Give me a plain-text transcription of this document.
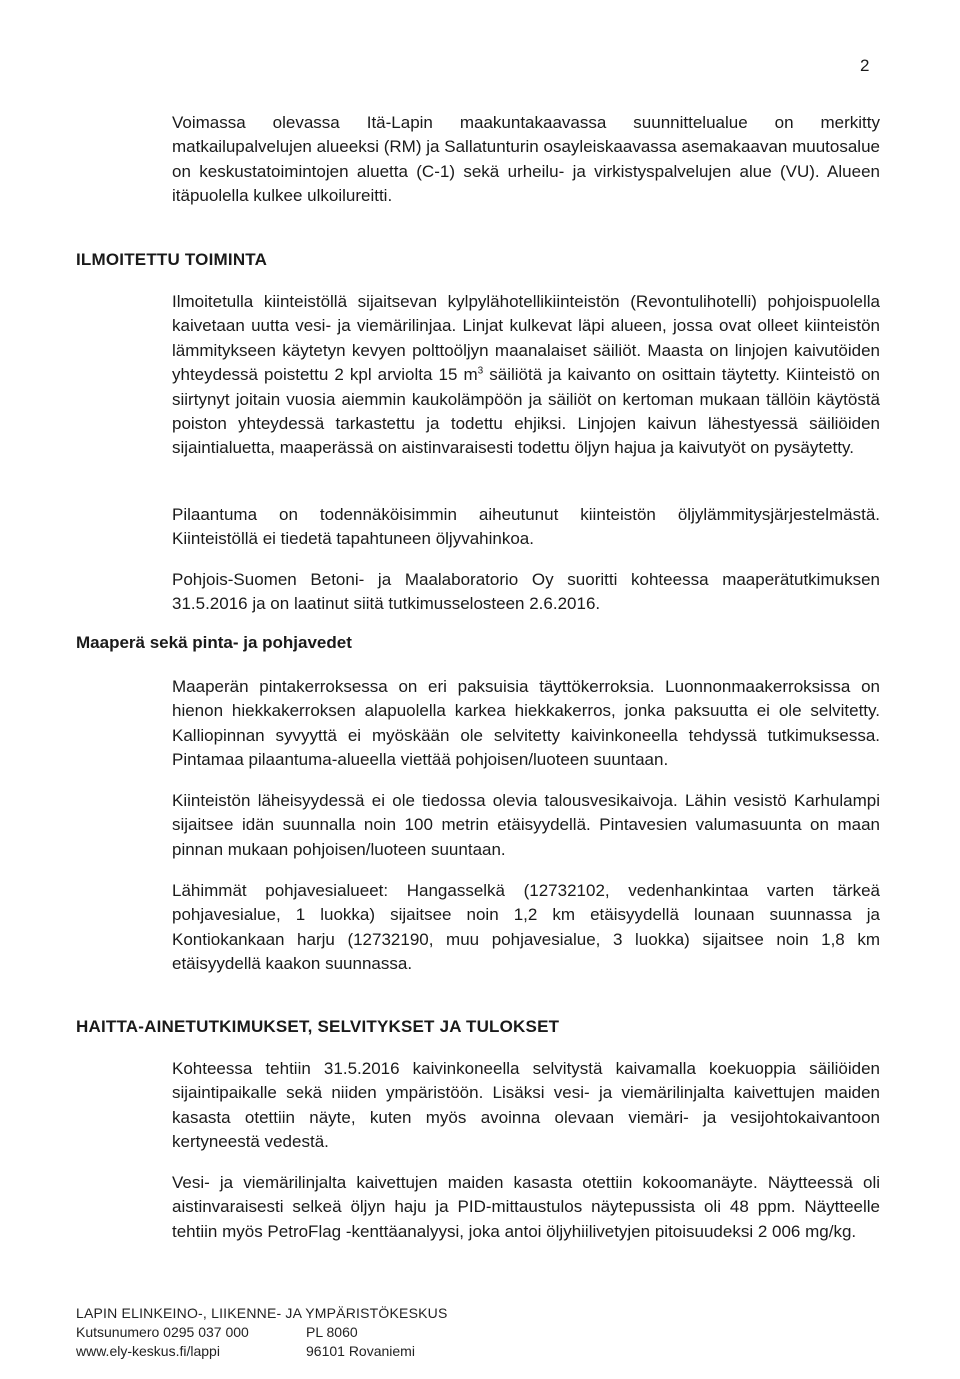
2

Voimassa olevassa Itä-Lapin maakuntakaavassa suunnittelualue on merkitty matkailupalvelujen alueeksi (RM) ja Sallatunturin osayleiskaavassa asemakaavan muutosalue on keskustatoimintojen aluetta (C-1) sekä urheilu- ja virkistyspalvelujen alue (VU). Alueen itäpuolella kulkee ulkoilureitti.

ILMOITETTU TOIMINTA

Ilmoitetulla kiinteistöllä sijaitsevan kylpylähotellikiinteistön (Revontulihotelli) pohjoispuolella kaivetaan uutta vesi- ja viemärilinjaa. Linjat kulkevat läpi alueen, jossa ovat olleet kiinteistön lämmitykseen käytetyn kevyen polttoöljyn maanalaiset säiliöt. Maasta on linjojen kaivutöiden yhteydessä poistettu 2 kpl arviolta 15 $m^3$ säiliötä ja kaivanto on osittain täytetty. Kiinteistö on siirtynyt joitain vuosia aiemmin kaukolämpöön ja säiliöt on kertoman mukaan tällöin käytöstä poiston yhteydessä tarkastettu ja todettu ehjiksi. Linjojen kaivun lähestyessä säiliöiden sijaintialuetta, maaperässä on aistinvaraisesti todettu öljyn hajua ja kaivutyöt on pysäytetty.

Pilaantuma on todennäköisimmin aiheutunut kiinteistön öljylämmitysjärjestelmästä. Kiinteistöllä ei tiedetä tapahtuneen öljyvahinkoa.

Pohjois-Suomen Betoni- ja Maalaboratorio Oy suoritti kohteessa maaperätutkimuksen 31.5.2016 ja on laatinut siitä tutkimusselosteen 2.6.2016.

Maaperä sekä pinta- ja pohjavedet

Maaperän pintakerroksessa on eri paksuisia täyttökerroksia. Luonnonmaakerroksissa on hienon hiekkakerroksen alapuolella karkea hiekkakerros, jonka paksuutta ei ole selvitetty. Kalliopinnan syvyyttä ei myöskään ole selvitetty kaivinkoneella tehdyssä tutkimuksessa. Pintamaa pilaantuma-alueella viettää pohjoisen/luoteen suuntaan.

Kiinteistön läheisyydessä ei ole tiedossa olevia talousvesikaivoja. Lähin vesistö Karhulampi sijaitsee idän suunnalla noin 100 metrin etäisyydellä. Pintavesien valumasuunta on maan pinnan mukaan pohjoisen/luoteen suuntaan.

Lähimmät pohjavesialueet: Hangasselkä (12732102, vedenhankintaa varten tärkeä pohjavesialue, 1 luokka) sijaitsee noin 1,2 km etäisyydellä lounaan suunnassa ja Kontiokankaan harju (12732190, muu pohjavesialue, 3 luokka) sijaitsee noin 1,8 km etäisyydellä kaakon suunnassa.

HAITTA-AINETUTKIMUKSET, SELVITYKSET JA TULOKSET

Kohteessa tehtiin 31.5.2016 kaivinkoneella selvitystä kaivamalla koekuoppia säiliöiden sijaintipaikalle sekä niiden ympäristöön. Lisäksi vesi- ja viemärilinjalta kaivettujen maiden kasasta otettiin näyte, kuten myös avoinna olevaan viemäri- ja vesijohtokaivantoon kertyneestä vedestä.

Vesi- ja viemärilinjalta kaivettujen maiden kasasta otettiin kokoomanäyte. Näytteessä oli aistinvaraisesti selkeä öljyn haju ja PID-mittaustulos näytepussista oli 48 ppm. Näytteelle tehtiin myös PetroFlag -kenttäanalyysi, joka antoi öljyhiilivetyjen pitoisuudeksi 2 006 mg/kg.

LAPIN ELINKEINO-, LIIKENNE- JA YMPÄRISTÖKESKUS
Kutsunumero 0295 037 000	PL 8060
www.ely-keskus.fi/lappi	96101 Rovaniemi
